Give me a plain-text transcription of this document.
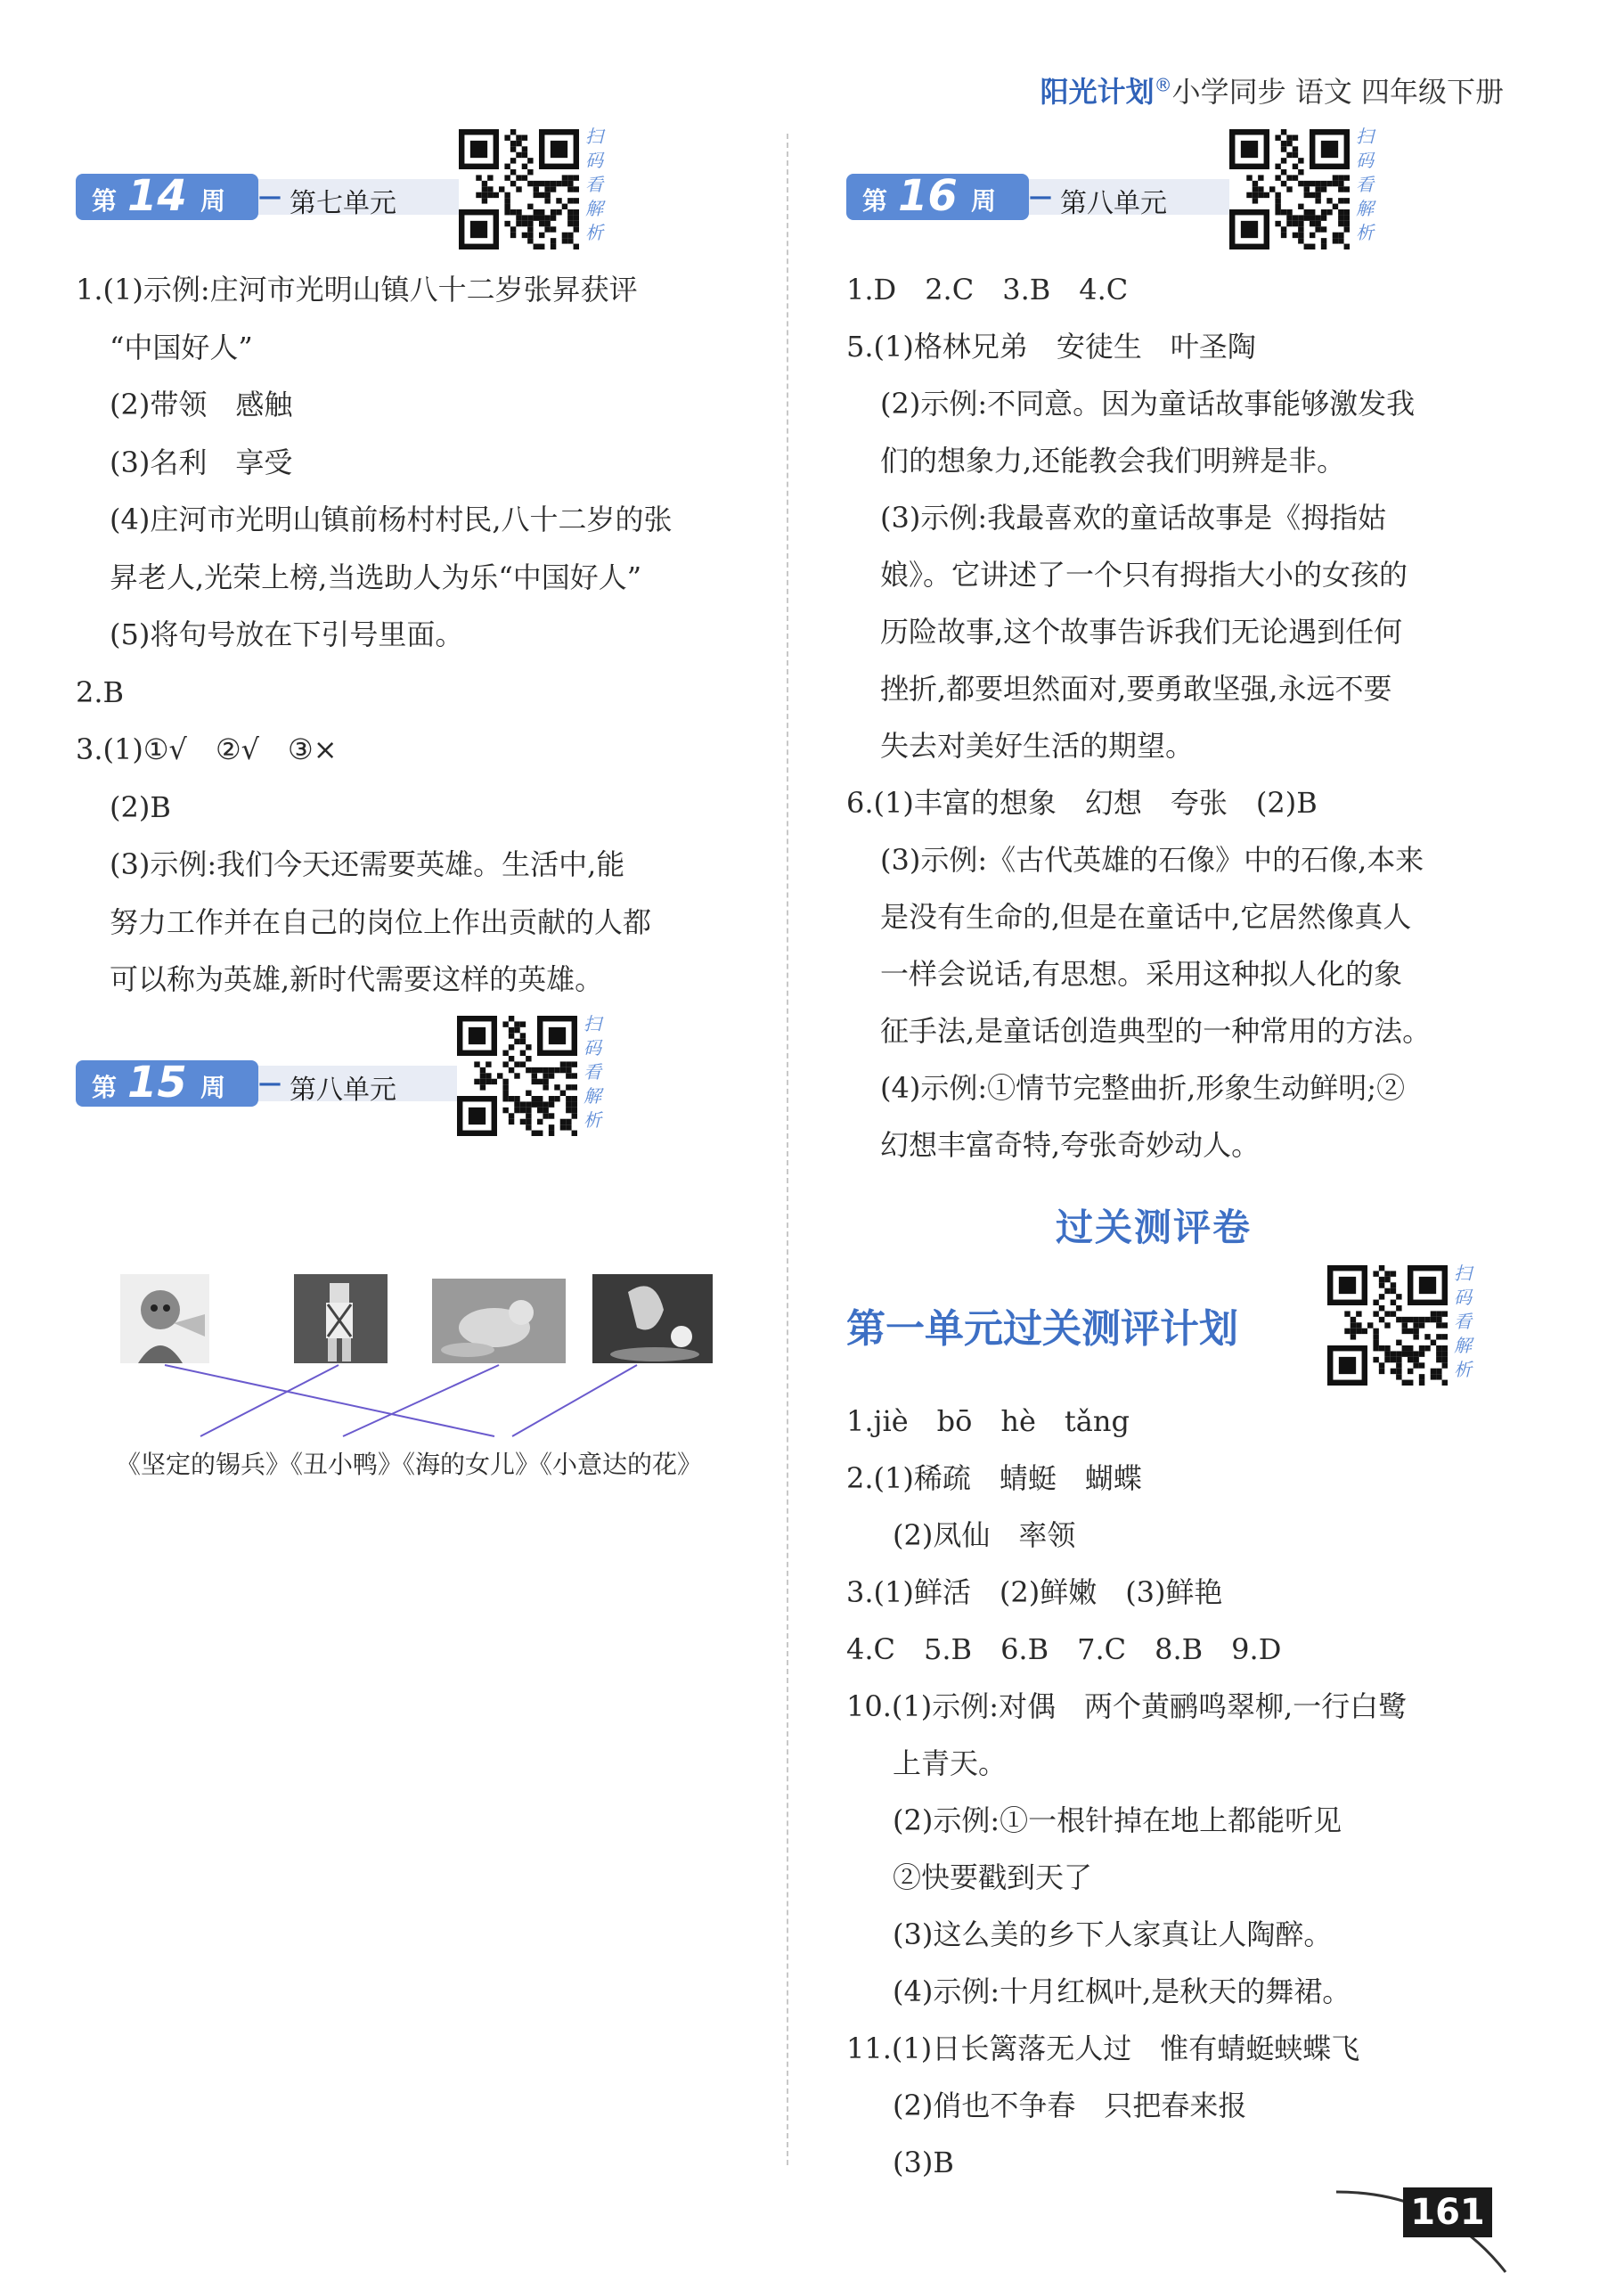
阳光计划®小学同步 语文 四年级下册
第 14 周 — 第七单元
扫
码
看
解
析
1.(1)示例:庄河市光明山镇八十二岁张昇获评
“中国好人”
(2)带领　感触
(3)名利　享受
(4)庄河市光明山镇前杨村村民,八十二岁的张
昇老人,光荣上榜,当选助人为乐“中国好人”
(5)将句号放在下引号里面。
2.B
3.(1)①√　②√　③×
(2)B
(3)示例:我们今天还需要英雄。生活中,能
努力工作并在自己的岗位上作出贡献的人都
可以称为英雄,新时代需要这样的英雄。
第 15 周 — 第八单元
扫
码
看
解
析
《坚定的锡兵》《丑小鸭》《海的女儿》《小意达的花》
第 16 周 — 第八单元
扫
码
看
解
析
1.D　2.C　3.B　4.C
5.(1)格林兄弟　安徒生　叶圣陶
(2)示例:不同意。因为童话故事能够激发我
们的想象力,还能教会我们明辨是非。
(3)示例:我最喜欢的童话故事是《拇指姑
娘》。它讲述了一个只有拇指大小的女孩的
历险故事,这个故事告诉我们无论遇到任何
挫折,都要坦然面对,要勇敢坚强,永远不要
失去对美好生活的期望。
6.(1)丰富的想象　幻想　夸张　(2)B
(3)示例:《古代英雄的石像》中的石像,本来
是没有生命的,但是在童话中,它居然像真人
一样会说话,有思想。采用这种拟人化的象
征手法,是童话创造典型的一种常用的方法。
(4)示例:①情节完整曲折,形象生动鲜明;②
幻想丰富奇特,夸张奇妙动人。
过关测评卷
第一单元过关测评计划
扫
码
看
解
析
1.jiè　bō　hè　tǎng
2.(1)稀疏　蜻蜓　蝴蝶
(2)凤仙　率领
3.(1)鲜活　(2)鲜嫩　(3)鲜艳
4.C　5.B　6.B　7.C　8.B　9.D
10.(1)示例:对偶　两个黄鹂鸣翠柳,一行白鹭
上青天。
(2)示例:①一根针掉在地上都能听见
②快要戳到天了
(3)这么美的乡下人家真让人陶醉。
(4)示例:十月红枫叶,是秋天的舞裙。
11.(1)日长篱落无人过　惟有蜻蜓蛱蝶飞
(2)俏也不争春　只把春来报
(3)B
161
